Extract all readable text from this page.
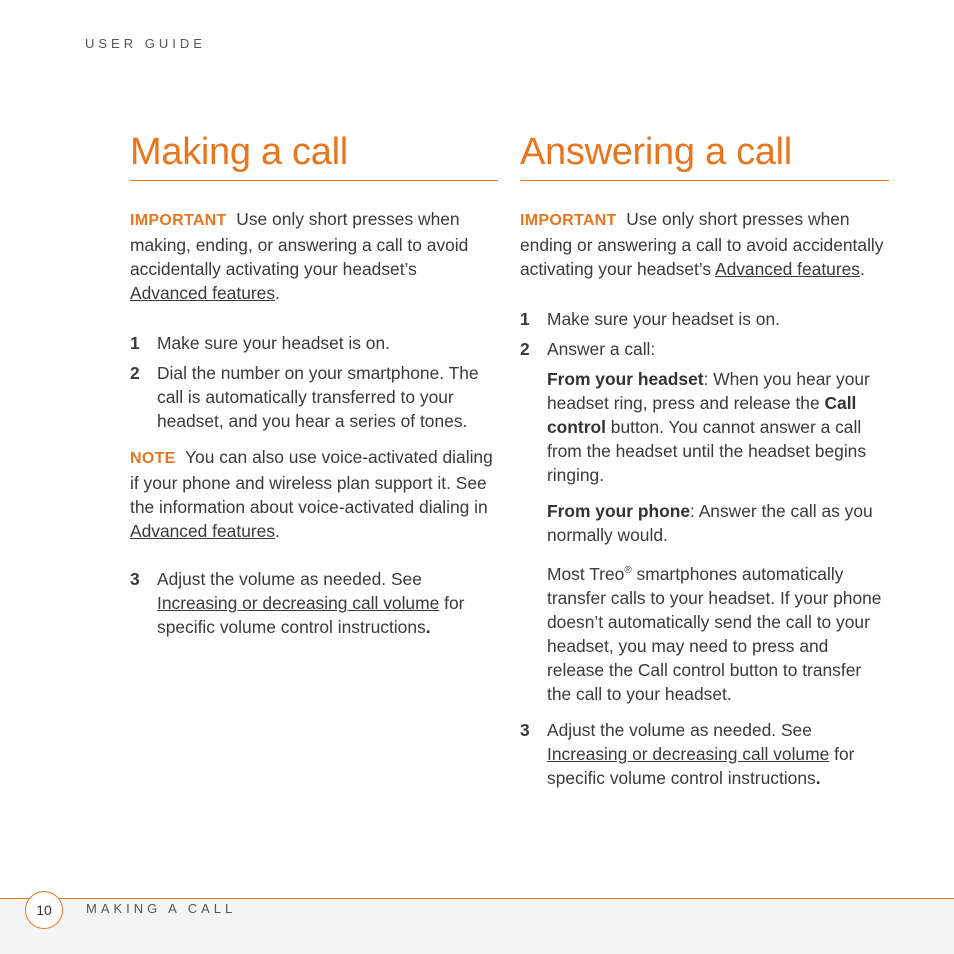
USER GUIDE
Making a call

IMPORTANT Use only short presses when making, ending, or answering a call to avoid accidentally activating your headset’s Advanced features.

1 Make sure your headset is on.
2 Dial the number on your smartphone. The call is automatically transferred to your headset, and you hear a series of tones.

NOTE You can also use voice-activated dialing if your phone and wireless plan support it. See the information about voice-activated dialing in Advanced features.

3 Adjust the volume as needed. See Increasing or decreasing call volume for specific volume control instructions.
Answering a call

IMPORTANT Use only short presses when ending or answering a call to avoid accidentally activating your headset’s Advanced features.

1 Make sure your headset is on.
2 Answer a call:
From your headset: When you hear your headset ring, press and release the Call control button. You cannot answer a call from the headset until the headset begins ringing.
From your phone: Answer the call as you normally would.
Most Treo® smartphones automatically transfer calls to your headset. If your phone doesn’t automatically send the call to your headset, you may need to press and release the Call control button to transfer the call to your headset.
3 Adjust the volume as needed. See Increasing or decreasing call volume for specific volume control instructions.
10	MAKING A CALL
